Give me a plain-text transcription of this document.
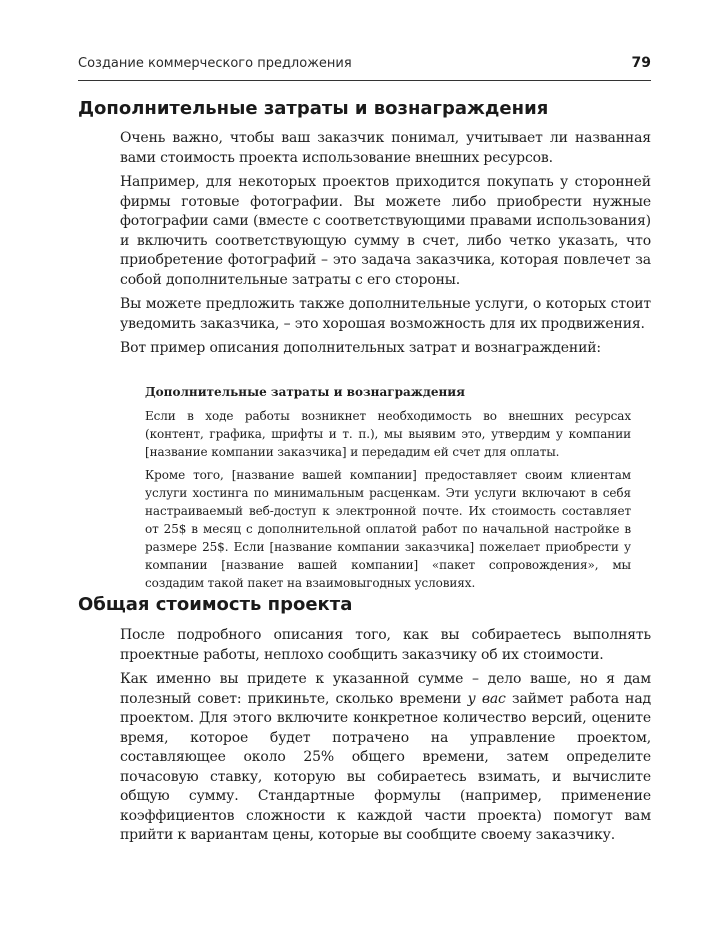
Создание коммерческого предложения	79
Дополнительные затраты и вознаграждения

Очень важно, чтобы ваш заказчик понимал, учитывает ли названная вами стоимость проекта использование внешних ресурсов.

Например, для некоторых проектов приходится покупать у сторонней фирмы готовые фотографии. Вы можете либо приобрести нужные фотографии сами (вместе с соответствующими правами использования) и включить соответствующую сумму в счет, либо четко указать, что приобретение фотографий – это задача заказчика, которая повлечет за собой дополнительные затраты с его стороны.

Вы можете предложить также дополнительные услуги, о которых стоит уведомить заказчика, – это хорошая возможность для их продвижения.

Вот пример описания дополнительных затрат и вознаграждений:

Дополнительные затраты и вознаграждения

Если в ходе работы возникнет необходимость во внешних ресурсах (контент, графика, шрифты и т. п.), мы выявим это, утвердим у компании [название компании заказчика] и передадим ей счет для оплаты.

Кроме того, [название вашей компании] предоставляет своим клиентам услуги хостинга по минимальным расценкам. Эти услуги включают в себя настраиваемый веб-доступ к электронной почте. Их стоимость составляет от 25$ в месяц с дополнительной оплатой работ по начальной настройке в размере 25$. Если [название компании заказчика] пожелает приобрести у компании [название вашей компании] «пакет сопровождения», мы создадим такой пакет на взаимовыгодных условиях.

Общая стоимость проекта

После подробного описания того, как вы собираетесь выполнять проектные работы, неплохо сообщить заказчику об их стоимости.

Как именно вы придете к указанной сумме – дело ваше, но я дам полезный совет: прикиньте, сколько времени у вас займет работа над проектом. Для этого включите конкретное количество версий, оцените время, которое будет потрачено на управление проектом, составляющее около 25% общего времени, затем определите почасовую ставку, которую вы собираетесь взимать, и вычислите общую сумму. Стандартные формулы (например, применение коэффициентов сложности к каждой части проекта) помогут вам прийти к вариантам цены, которые вы сообщите своему заказчику.
